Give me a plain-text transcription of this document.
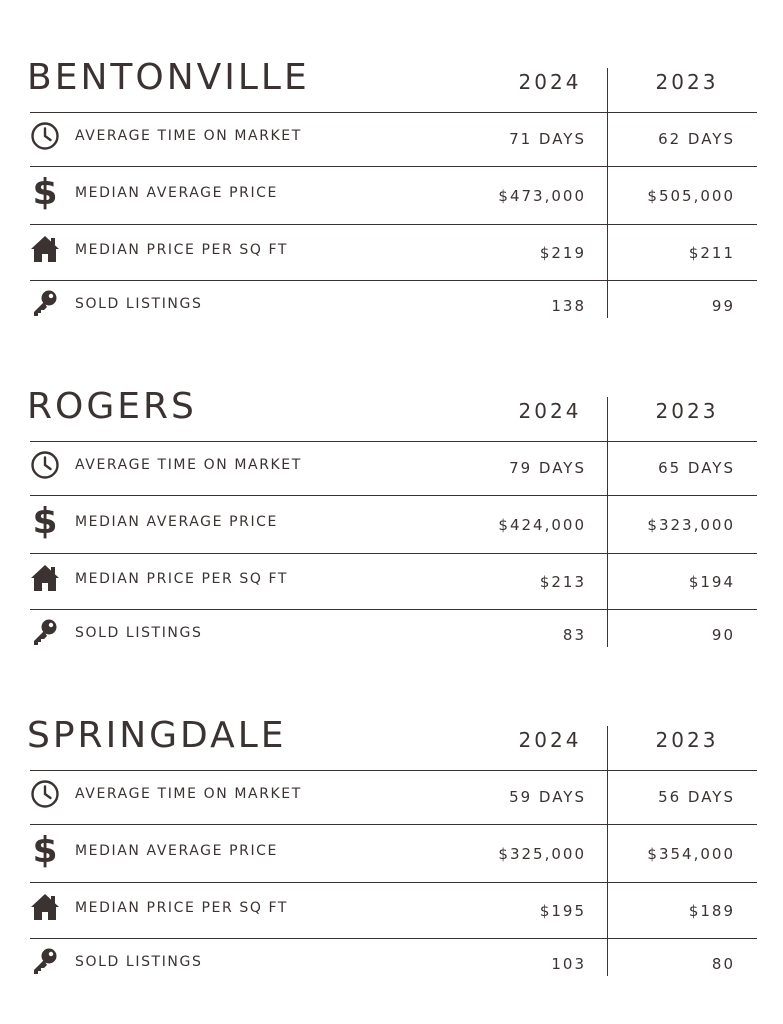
BENTONVILLE	2024	2023
AVERAGE TIME ON MARKET	71 DAYS	62 DAYS
$ MEDIAN AVERAGE PRICE	$473,000	$505,000
MEDIAN PRICE PER SQ FT	$219	$211
SOLD LISTINGS	138	99
ROGERS	2024	2023
AVERAGE TIME ON MARKET	79 DAYS	65 DAYS
$ MEDIAN AVERAGE PRICE	$424,000	$323,000
MEDIAN PRICE PER SQ FT	$213	$194
SOLD LISTINGS	83	90
SPRINGDALE	2024	2023
AVERAGE TIME ON MARKET	59 DAYS	56 DAYS
$ MEDIAN AVERAGE PRICE	$325,000	$354,000
MEDIAN PRICE PER SQ FT	$195	$189
SOLD LISTINGS	103	80
